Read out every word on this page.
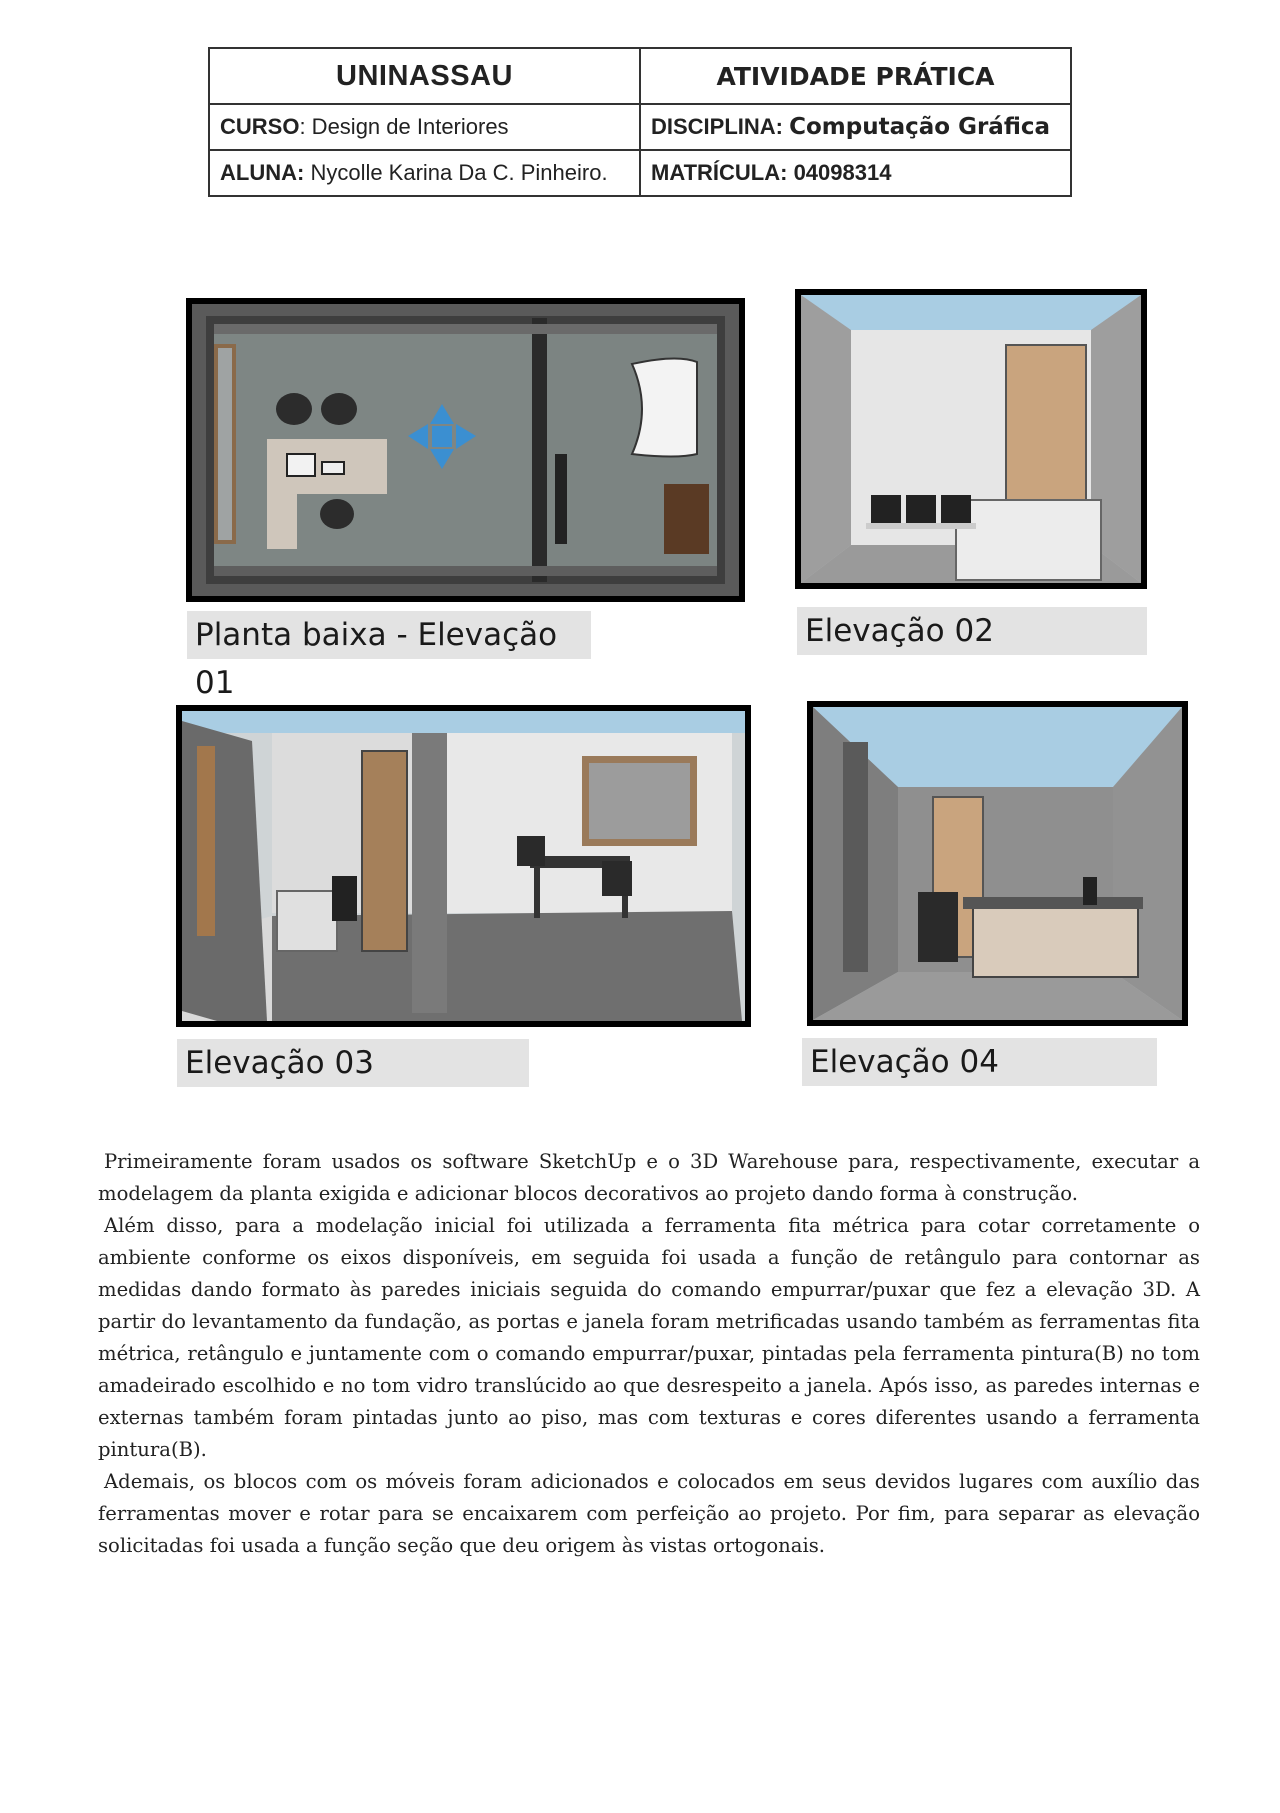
UNINASSAU	ATIVIDADE PRÁTICA
CURSO: Design de Interiores	DISCIPLINA: Computação Gráfica
ALUNA: Nycolle Karina Da C. Pinheiro.	MATRÍCULA: 04098314
Planta baixa - Elevação 01
Elevação 02
Elevação 03	Elevação 04

Primeiramente foram usados os software SketchUp e o 3D Warehouse para, respectivamente, executar a modelagem da planta exigida e adicionar blocos decorativos ao projeto dando forma à construção.

Além disso, para a modelação inicial foi utilizada a ferramenta fita métrica para cotar corretamente o ambiente conforme os eixos disponíveis, em seguida foi usada a função de retângulo para contornar as medidas dando formato às paredes iniciais seguida do comando empurrar/puxar que fez a elevação 3D. A partir do levantamento da fundação, as portas e janela foram metrificadas usando também as ferramentas fita métrica, retângulo e juntamente com o comando empurrar/puxar, pintadas pela ferramenta pintura(B) no tom amadeirado escolhido e no tom vidro translúcido ao que desrespeito a janela. Após isso, as paredes internas e externas também foram pintadas junto ao piso, mas com texturas e cores diferentes usando a ferramenta pintura(B).

Ademais, os blocos com os móveis foram adicionados e colocados em seus devidos lugares com auxílio das ferramentas mover e rotar para se encaixarem com perfeição ao projeto. Por fim, para separar as elevação solicitadas foi usada a função seção que deu origem às vistas ortogonais.
